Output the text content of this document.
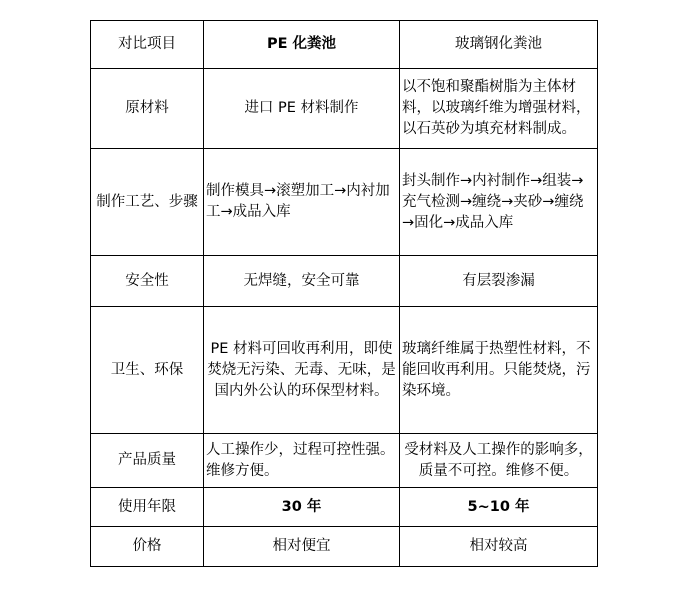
对比项目	PE 化粪池	玻璃钢化粪池
原材料	进口 PE 材料制作	以不饱和聚酯树脂为主体材料，以玻璃纤维为增强材料，以石英砂为填充材料制成。
制作工艺、步骤	制作模具→滚塑加工→内衬加工→成品入库	封头制作→内衬制作→组装→充气检测→缠绕→夹砂→缠绕→固化→成品入库
安全性	无焊缝，安全可靠	有层裂渗漏
卫生、环保	PE 材料可回收再利用，即使焚烧无污染、无毒、无味，是国内外公认的环保型材料。	玻璃纤维属于热塑性材料，不能回收再利用。只能焚烧，污染环境。
产品质量	人工操作少，过程可控性强。维修方便。	受材料及人工操作的影响多，质量不可控。维修不便。
使用年限	30 年	5~10 年
价格	相对便宜	相对较高
